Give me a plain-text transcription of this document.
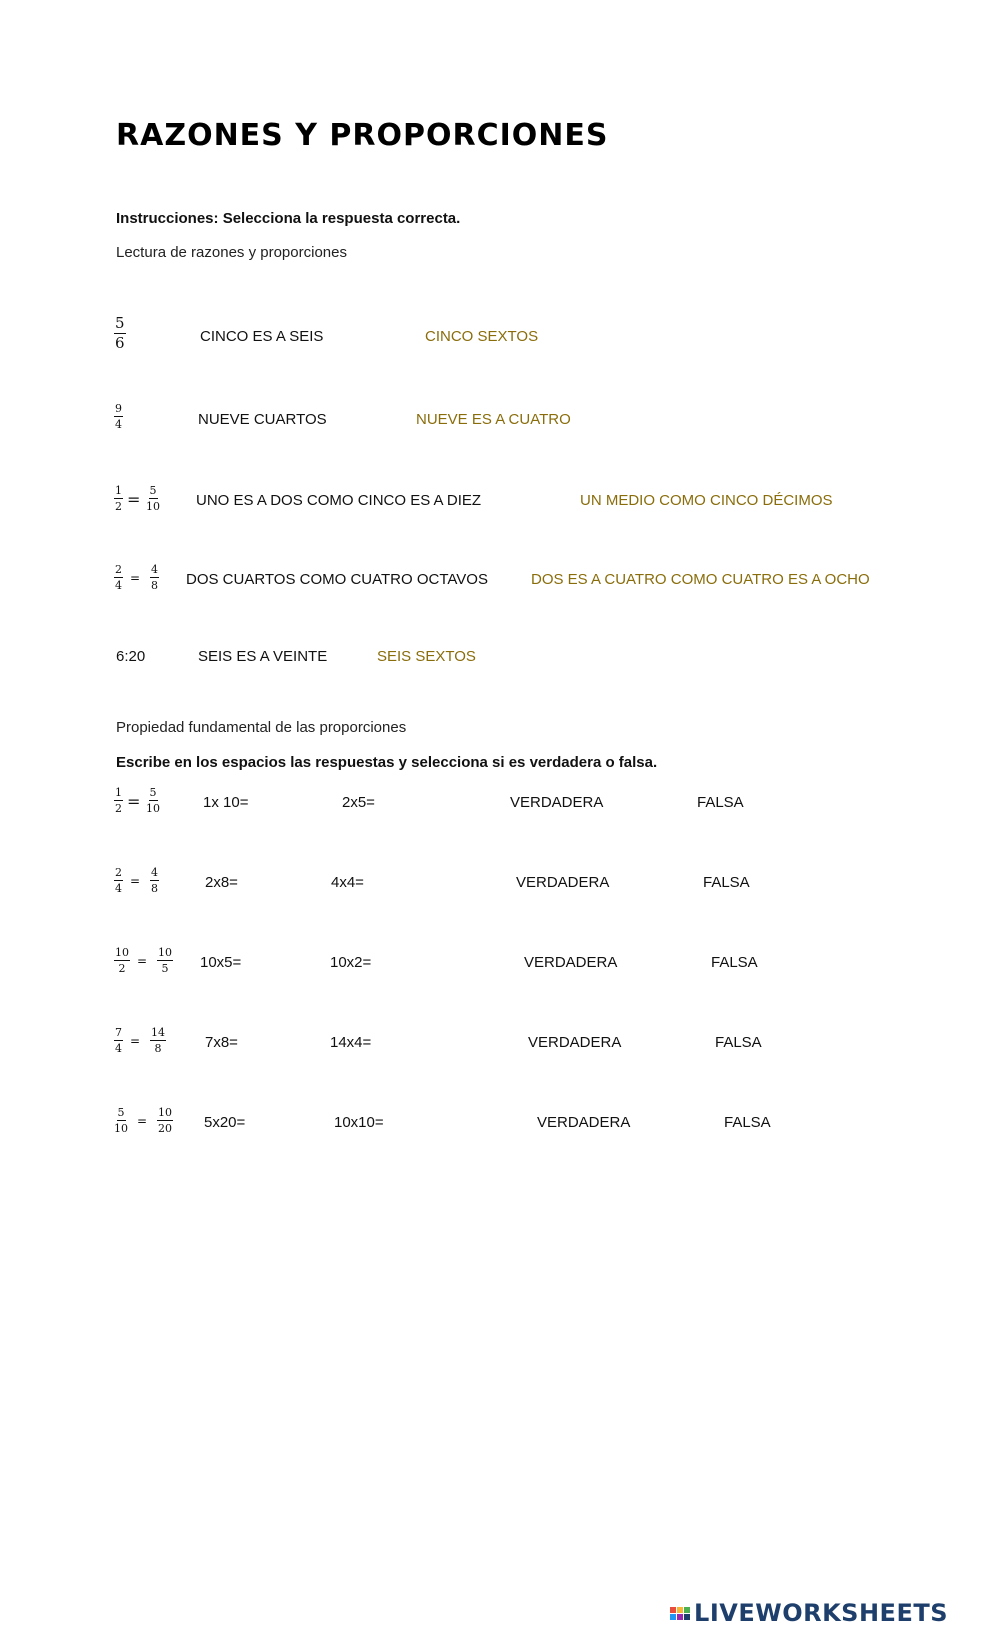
RAZONES Y PROPORCIONES
Instrucciones: Selecciona la respuesta correcta.
Lectura de razones y proporciones
$\frac{5}{6}$	CINCO ES A SEIS	CINCO SEXTOS
$\frac{9}{4}$	NUEVE CUARTOS	NUEVE ES A CUATRO
$\frac{1}{2} = \frac{5}{10}$ UNO ES A DOS COMO CINCO ES A DIEZ	UN MEDIO COMO CINCO DÉCIMOS
$\frac{2}{4} = \frac{4}{8}$ DOS CUARTOS COMO CUATRO OCTAVOS	DOS ES A CUATRO COMO CUATRO ES A OCHO
6:20	SEIS ES A VEINTE	SEIS SEXTOS
Propiedad fundamental de las proporciones
Escribe en los espacios las respuestas y selecciona si es verdadera o falsa.
$\frac{1}{2} = \frac{5}{10}$	1x 10=	2x5=	VERDADERA	FALSA
$\frac{2}{4} = \frac{4}{8}$	2x8=	4x4=	VERDADERA	FALSA
$\frac{10}{2} = \frac{10}{5} 10x5=$	10x2=	VERDADERA	FALSA
$\frac{7}{4} = \frac{14}{8}$	7x8=	14x4=	VERDADERA	FALSA
$\frac{5}{10} = \frac{10}{20} 5x20=$	10x10=	VERDADERA	FALSA
LIVEWORKSHEETS
